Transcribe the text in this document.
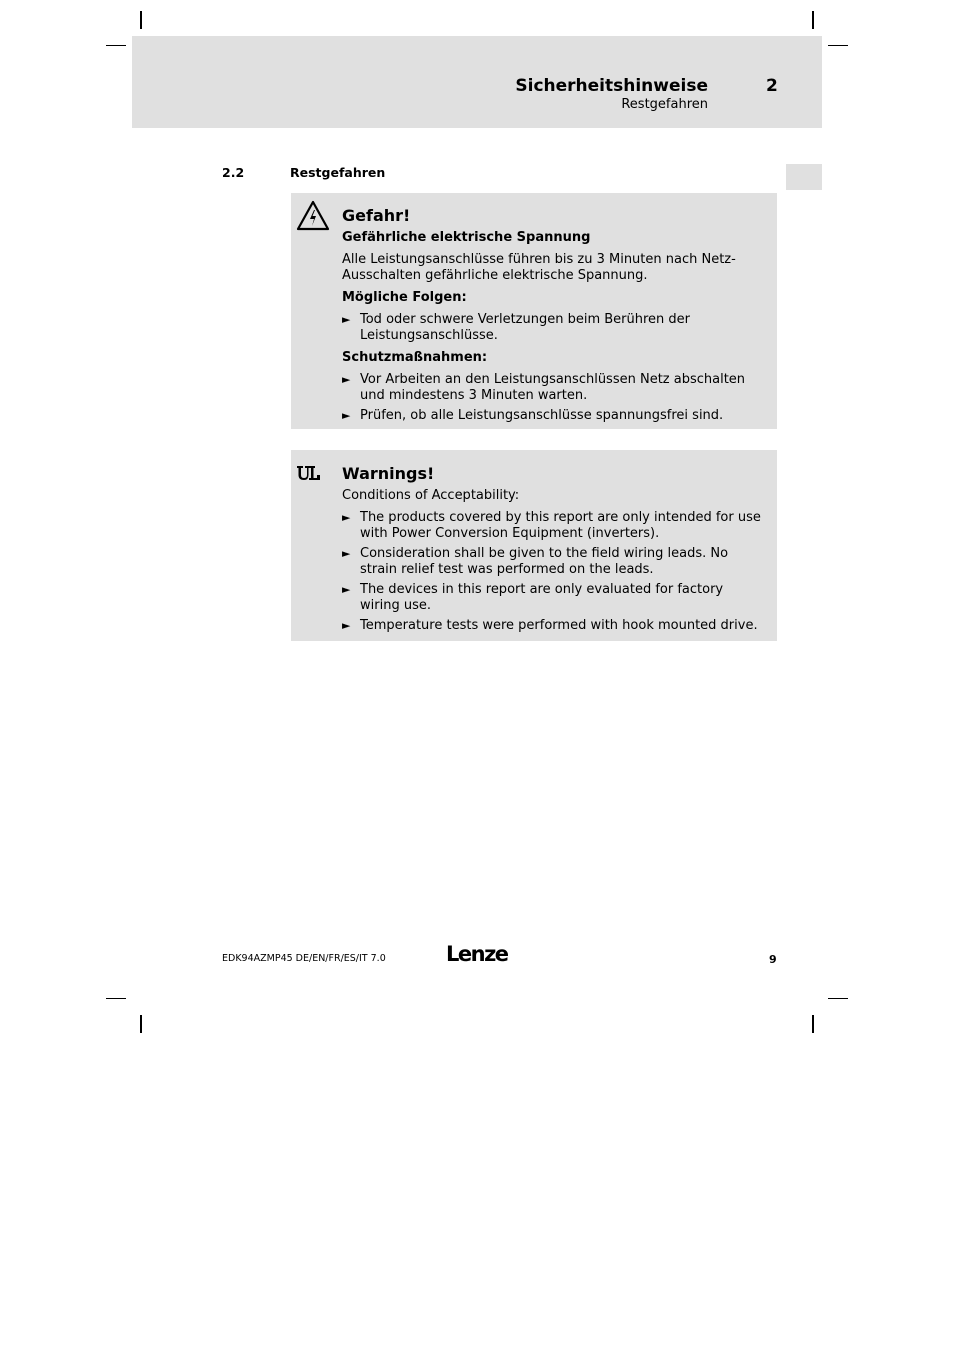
Sicherheitshinweise	2
Restgefahren
2.2	Restgefahren
Gefahr!
Gefährliche elektrische Spannung
Alle Leistungsanschlüsse führen bis zu 3 Minuten nach Netz-Ausschalten gefährliche elektrische Spannung.
Mögliche Folgen:
► Tod oder schwere Verletzungen beim Berühren der Leistungsanschlüsse.
Schutzmaßnahmen:
► Vor Arbeiten an den Leistungsanschlüssen Netz abschalten und mindestens 3 Minuten warten.
► Prüfen, ob alle Leistungsanschlüsse spannungsfrei sind.
Warnings!
Conditions of Acceptability:
► The products covered by this report are only intended for use with Power Conversion Equipment (inverters).
► Consideration shall be given to the field wiring leads. No strain relief test was performed on the leads.
► The devices in this report are only evaluated for factory wiring use.
► Temperature tests were performed with hook mounted drive.
EDK94AZMP45 DE/EN/FR/ES/IT 7.0	Lenze	9
